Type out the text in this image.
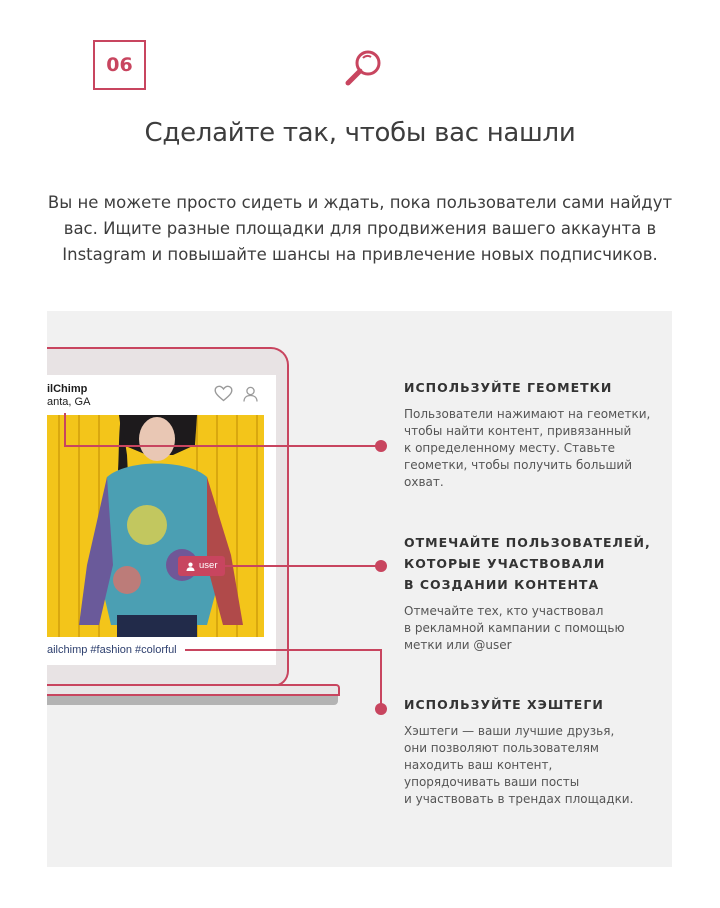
06
Сделайте так, чтобы вас нашли

Вы не можете просто сидеть и ждать, пока пользователи сами найдут вас. Ищите разные площадки для продвижения вашего аккаунта в Instagram и повышайте шансы на привлечение новых подписчиков.

ilChimp
anta, GA
ailchimp #fashion #colorful
user
ИСПОЛЬЗУЙТЕ ГЕОМЕТКИ
Пользователи нажимают на геометки,
чтобы найти контент, привязанный
к определенному месту. Ставьте
геометки, чтобы получить больший
охват.
ОТМЕЧАЙТЕ ПОЛЬЗОВАТЕЛЕЙ,
КОТОРЫЕ УЧАСТВОВАЛИ
В СОЗДАНИИ КОНТЕНТА
Отмечайте тех, кто участвовал
в рекламной кампании с помощью
метки или @user
ИСПОЛЬЗУЙТЕ ХЭШТЕГИ
Хэштеги — ваши лучшие друзья,
они позволяют пользователям
находить ваш контент,
упорядочивать ваши посты
и участвовать в трендах площадки.
